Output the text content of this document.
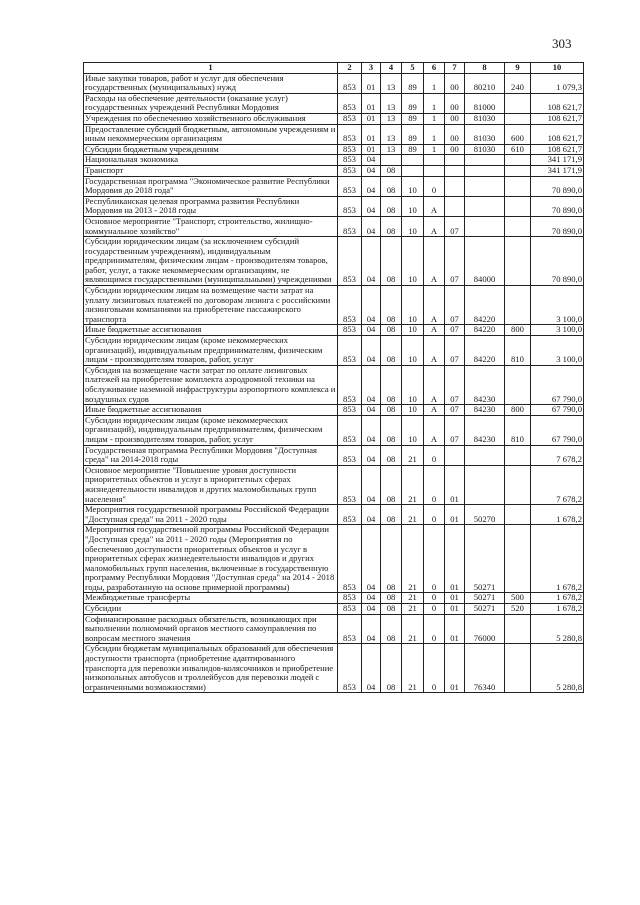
303
1	2	3	4	5	6	7	8	9	10
Иные закупки товаров, работ и услуг для обеспечения государственных (муниципальных) нужд	853	01	13	89	1	00	80210	240	1 079,3
Расходы на обеспечение деятельности (оказание услуг) государственных учреждений Республики Мордовия	853	01	13	89	1	00	81000		108 621,7
Учреждения по обеспечению хозяйственного обслуживания	853	01	13	89	1	00	81030		108 621,7
Предоставление субсидий бюджетным, автономным учреждениям и иным некоммерческим организациям	853	01	13	89	1	00	81030	600	108 621,7
Субсидии бюджетным учреждениям	853	01	13	89	1	00	81030	610	108 621,7
Национальная экономика	853	04							341 171,9
Транспорт	853	04	08						341 171,9
Государственная программа "Экономическое развитие Республики Мордовия до 2018 года"	853	04	08	10	0				70 890,0
Республиканская целевая программа развития Республики Мордовия на 2013 - 2018 годы	853	04	08	10	А				70 890,0
Основное мероприятие "Транспорт, строительство, жилищно-коммунальное хозяйство"	853	04	08	10	А	07			70 890,0
Субсидии юридическим лицам (за исключением субсидий государственным учреждениям), индивидуальным предпринимателям, физическим лицам - производителям товаров, работ, услуг, а также некоммерческим организациям, не являющимся государственными (муниципальными) учреждениями	853	04	08	10	А	07	84000		70 890,0
Субсидии юридическим лицам на возмещение части затрат на уплату лизинговых платежей по договорам лизинга с российскими лизинговыми компаниями на приобретение пассажирского транспорта	853	04	08	10	А	07	84220		3 100,0
Иные бюджетные ассигнования	853	04	08	10	А	07	84220	800	3 100,0
Субсидии юридическим лицам (кроме некоммерческих организаций), индивидуальным предпринимателям, физическим лицам - производителям товаров, работ, услуг	853	04	08	10	А	07	84220	810	3 100,0
Субсидия на возмещение части затрат по оплате лизинговых платежей на приобретение комплекта аэродромной техники на обслуживание наземной инфраструктуры аэропортного комплекса и воздушных судов	853	04	08	10	А	07	84230		67 790,0
Иные бюджетные ассигнования	853	04	08	10	А	07	84230	800	67 790,0
Субсидии юридическим лицам (кроме некоммерческих организаций), индивидуальным предпринимателям, физическим лицам - производителям товаров, работ, услуг	853	04	08	10	А	07	84230	810	67 790,0
Государственная программа Республики Мордовия "Доступная среда" на 2014-2018 годы	853	04	08	21	0				7 678,2
Основное мероприятие "Повышение уровня доступности приоритетных объектов и услуг в приоритетных сферах жизнедеятельности инвалидов и других маломобильных групп населения"	853	04	08	21	0	01			7 678,2
Мероприятия государственной программы Российской Федерации "Доступная среда" на 2011 - 2020 годы	853	04	08	21	0	01	50270		1 678,2
Мероприятия государственной программы Российской Федерации "Доступная среда" на 2011 - 2020 годы (Мероприятия по обеспечению доступности приоритетных объектов и услуг в приоритетных сферах жизнедеятельности инвалидов и других маломобильных групп населения, включенные в государственную программу Республики Мордовия "Доступная среда" на 2014 - 2018 годы, разработанную на основе примерной программы)	853	04	08	21	0	01	50271		1 678,2
Межбюджетные трансферты	853	04	08	21	0	01	50271	500	1 678,2
Субсидии	853	04	08	21	0	01	50271	520	1 678,2
Софинансирование расходных обязательств, возникающих при выполнении полномочий органов местного самоуправления по вопросам местного значения	853	04	08	21	0	01	76000		5 280,8
Субсидии бюджетам муниципальных образований для обеспечения доступности транспорта (приобретение адаптированного транспорта для перевозки инвалидов-колясочников и приобретение низкопольных автобусов и троллейбусов для перевозки людей с ограниченными возможностями)	853	04	08	21	0	01	76340		5 280,8
